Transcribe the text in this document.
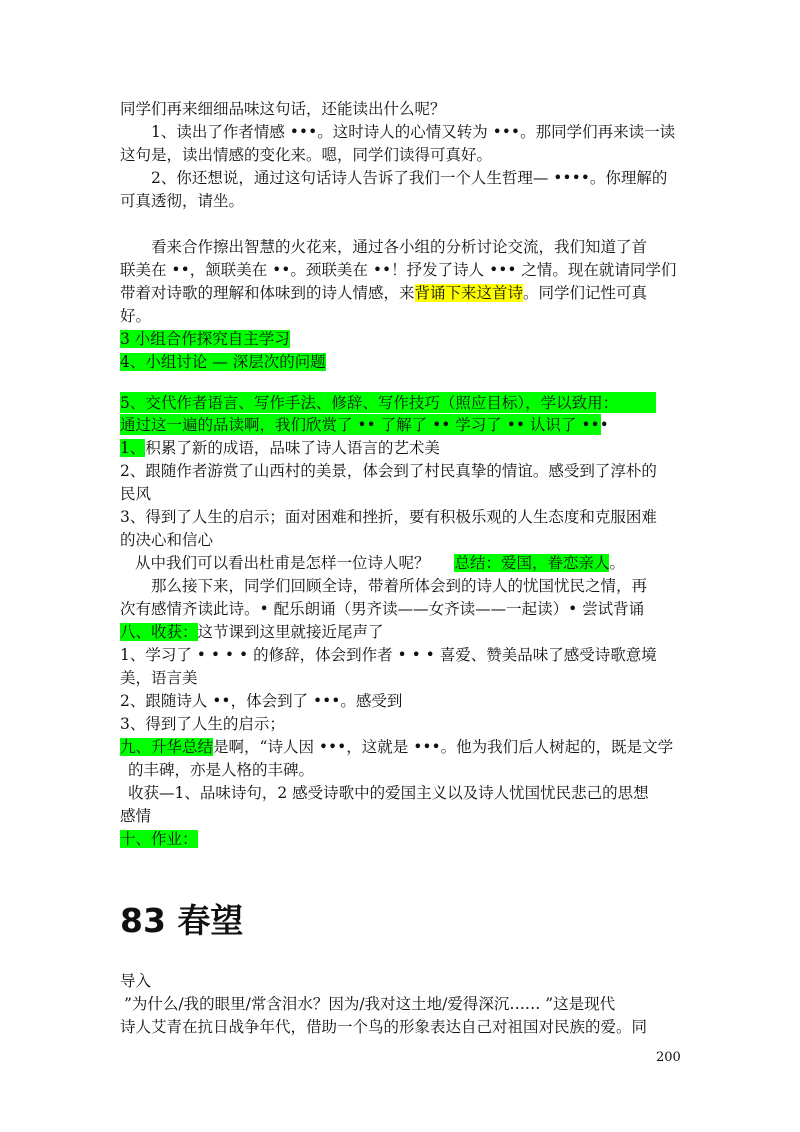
同学们再来细细品味这句话，还能读出什么呢？
1、读出了作者情感 •••。这时诗人的心情又转为 •••。那同学们再来读一读
这句是，读出情感的变化来。嗯，同学们读得可真好。
2、你还想说，通过这句话诗人告诉了我们一个人生哲理— ••••。你理解的
可真透彻，请坐。
看来合作擦出智慧的火花来，通过各小组的分析讨论交流，我们知道了首
联美在 ••，颔联美在 ••。颈联美在 ••！抒发了诗人 ••• 之情。现在就请同学们
带着对诗歌的理解和体味到的诗人情感，来背诵下来这首诗。同学们记性可真
好。
3 小组合作探究自主学习
4、小组讨论 — 深层次的问题
5、交代作者语言、写作手法、修辞、写作技巧（照应目标），学以致用：
通过这一遍的品读啊，我们欣赏了 •• 了解了 •• 学习了 •• 认识了 •••
1、积累了新的成语，品味了诗人语言的艺术美
2、跟随作者游赏了山西村的美景，体会到了村民真挚的情谊。感受到了淳朴的
民风
3、得到了人生的启示；面对困难和挫折，要有积极乐观的人生态度和克服困难
的决心和信心
从中我们可以看出杜甫是怎样一位诗人呢？ 总结：爱国，眷恋亲人。
那么接下来，同学们回顾全诗，带着所体会到的诗人的忧国忧民之情，再
次有感情齐读此诗。• 配乐朗诵（男齐读——女齐读——一起读）• 尝试背诵
八、收获：这节课到这里就接近尾声了
1、学习了 • • • • 的修辞，体会到作者 • • • 喜爱、赞美品味了感受诗歌意境
美，语言美
2、跟随诗人 ••，体会到了 •••。感受到
3、得到了人生的启示；
九、升华总结是啊，“诗人因 •••，这就是 •••。他为我们后人树起的，既是文学
的丰碑，亦是人格的丰碑。
收获—1、品味诗句，2 感受诗歌中的爱国主义以及诗人忧国忧民悲己的思想
感情
十、作业：
83 春望
导入
”为什么/我的眼里/常含泪水？因为/我对这土地/爱得深沉…… ”这是现代
诗人艾青在抗日战争年代，借助一个鸟的形象表达自己对祖国对民族的爱。同
200
